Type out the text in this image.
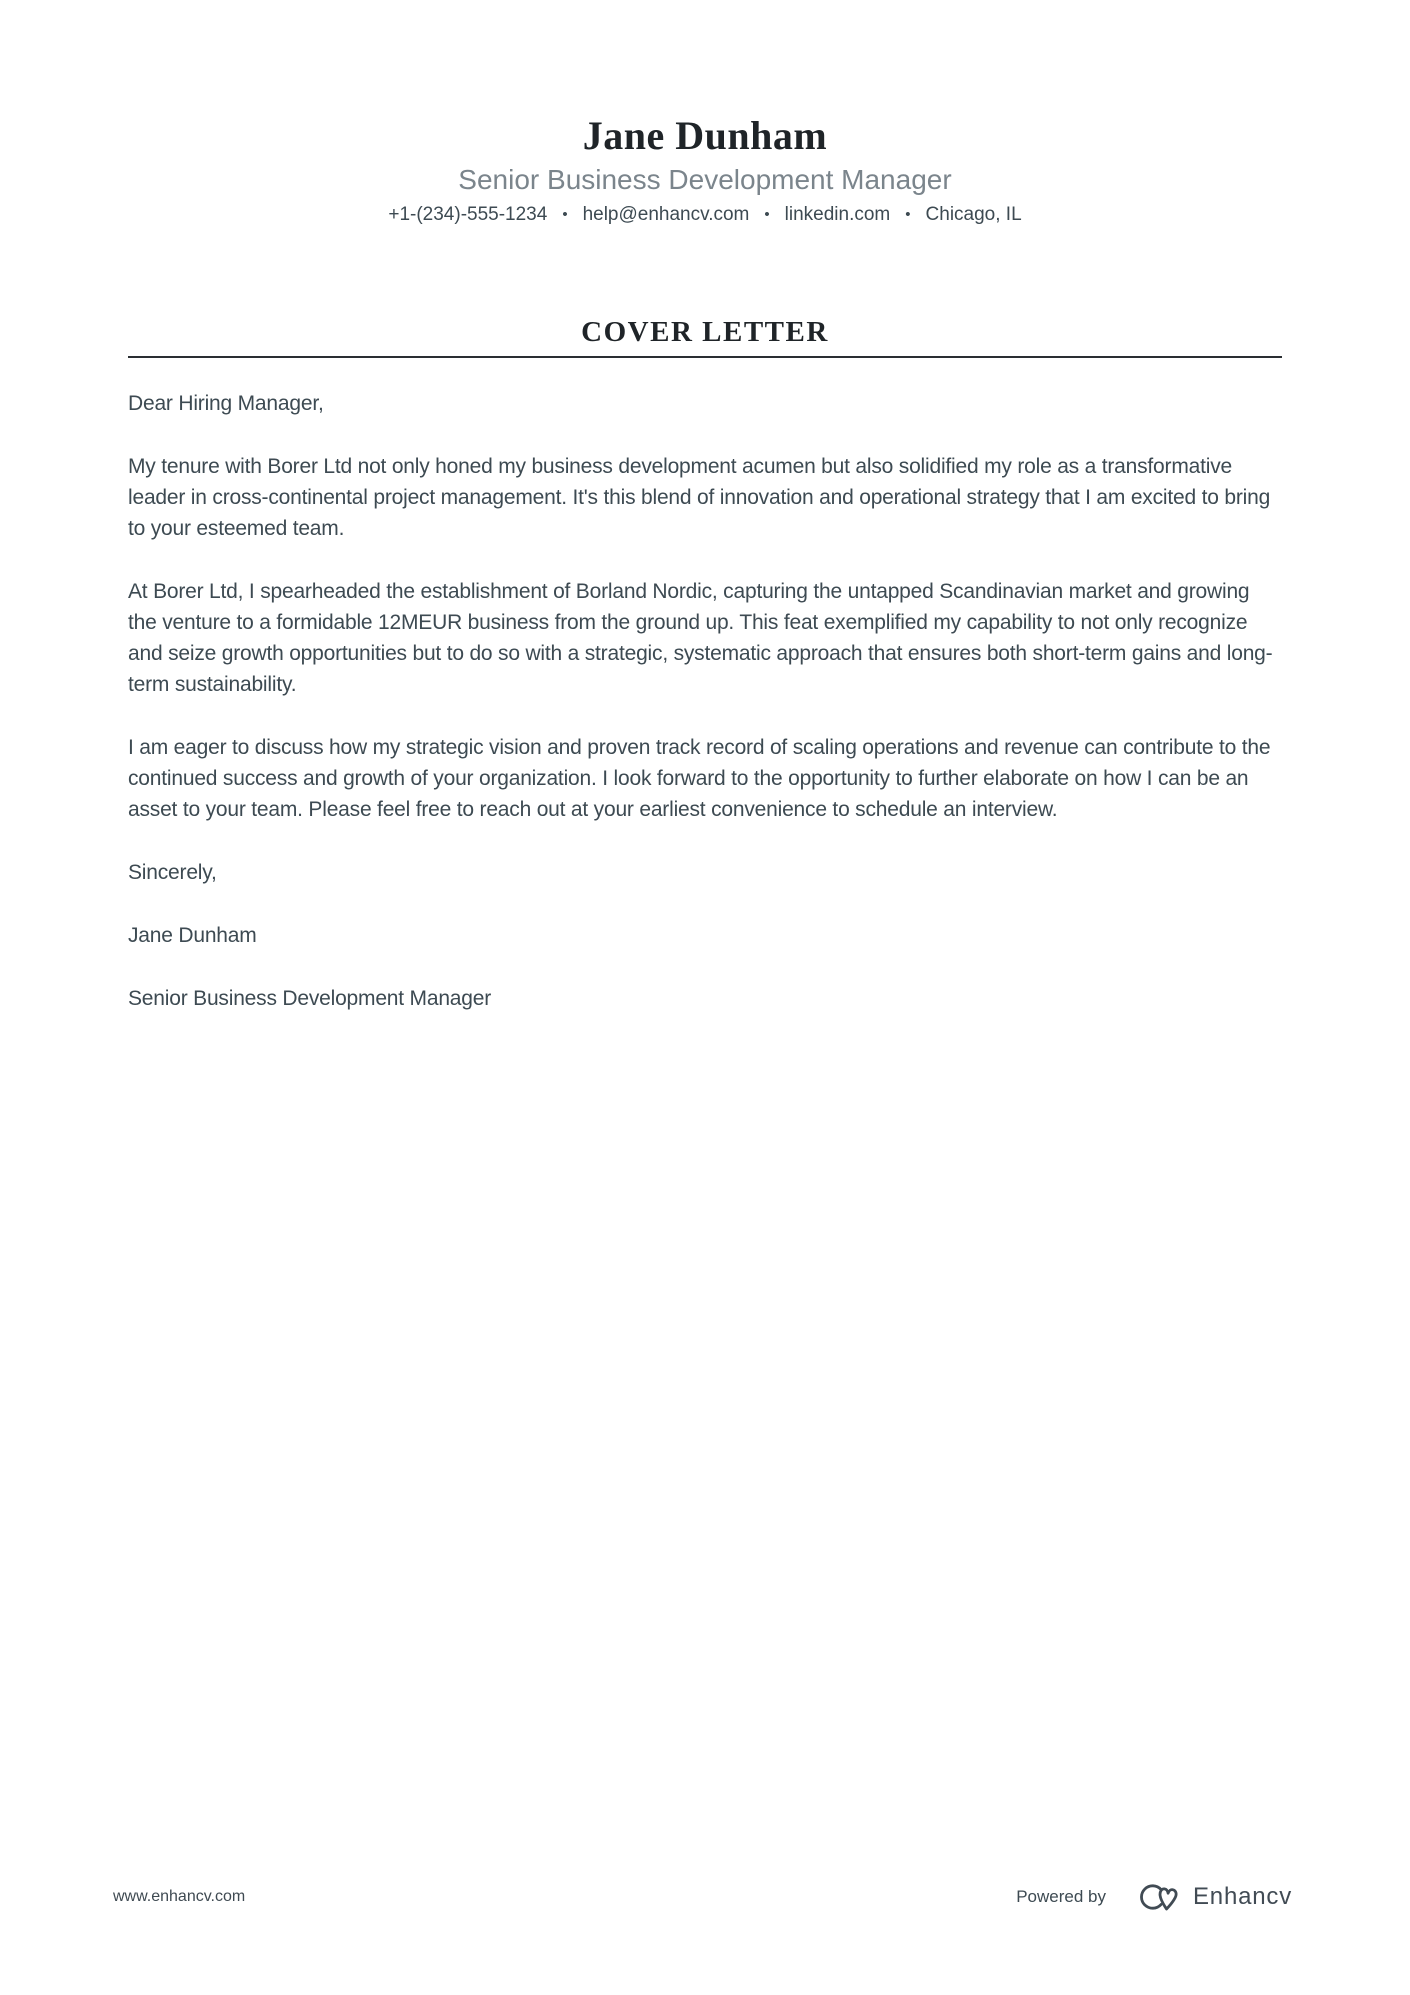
Jane Dunham
Senior Business Development Manager
+1-(234)-555-1234 • help@enhancv.com • linkedin.com • Chicago, IL
COVER LETTER

Dear Hiring Manager,

My tenure with Borer Ltd not only honed my business development acumen but also solidified my role as a transformative leader in cross-continental project management. It's this blend of innovation and operational strategy that I am excited to bring to your esteemed team.

At Borer Ltd, I spearheaded the establishment of Borland Nordic, capturing the untapped Scandinavian market and growing the venture to a formidable 12MEUR business from the ground up. This feat exemplified my capability to not only recognize and seize growth opportunities but to do so with a strategic, systematic approach that ensures both short-term gains and long-term sustainability.

I am eager to discuss how my strategic vision and proven track record of scaling operations and revenue can contribute to the continued success and growth of your organization. I look forward to the opportunity to further elaborate on how I can be an asset to your team. Please feel free to reach out at your earliest convenience to schedule an interview.

Sincerely,

Jane Dunham

Senior Business Development Manager

www.enhancv.com	Powered by	Enhancv
